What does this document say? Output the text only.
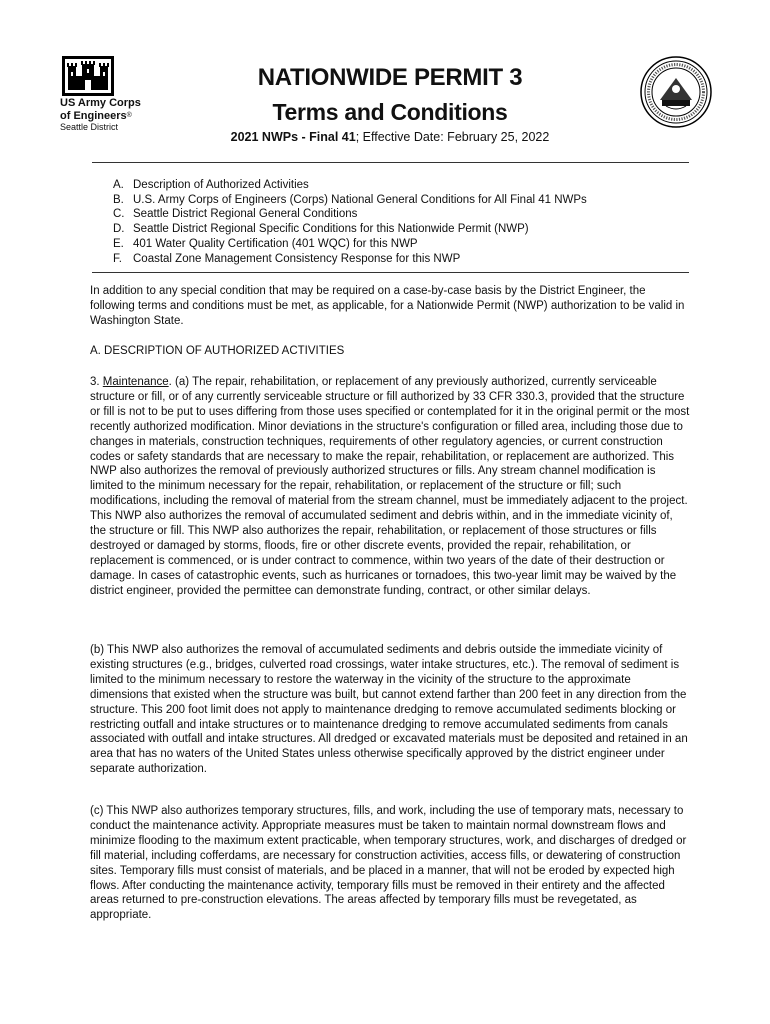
US Army Corps
of Engineers®
Seattle District
NATIONWIDE PERMIT 3
Terms and Conditions
2021 NWPs - Final 41; Effective Date: February 25, 2022
A. Description of Authorized Activities
B. U.S. Army Corps of Engineers (Corps) National General Conditions for All Final 41 NWPs
C. Seattle District Regional General Conditions
D. Seattle District Regional Specific Conditions for this Nationwide Permit (NWP)
E. 401 Water Quality Certification (401 WQC) for this NWP
F. Coastal Zone Management Consistency Response for this NWP

In addition to any special condition that may be required on a case-by-case basis by the District Engineer, the following terms and conditions must be met, as applicable, for a Nationwide Permit (NWP) authorization to be valid in Washington State.

A. DESCRIPTION OF AUTHORIZED ACTIVITIES

3. Maintenance. (a) The repair, rehabilitation, or replacement of any previously authorized, currently serviceable structure or fill, or of any currently serviceable structure or fill authorized by 33 CFR 330.3, provided that the structure or fill is not to be put to uses differing from those uses specified or contemplated for it in the original permit or the most recently authorized modification. Minor deviations in the structure's configuration or filled area, including those due to changes in materials, construction techniques, requirements of other regulatory agencies, or current construction codes or safety standards that are necessary to make the repair, rehabilitation, or replacement are authorized. This NWP also authorizes the removal of previously authorized structures or fills. Any stream channel modification is limited to the minimum necessary for the repair, rehabilitation, or replacement of the structure or fill; such modifications, including the removal of material from the stream channel, must be immediately adjacent to the project. This NWP also authorizes the removal of accumulated sediment and debris within, and in the immediate vicinity of, the structure or fill. This NWP also authorizes the repair, rehabilitation, or replacement of those structures or fills destroyed or damaged by storms, floods, fire or other discrete events, provided the repair, rehabilitation, or replacement is commenced, or is under contract to commence, within two years of the date of their destruction or damage. In cases of catastrophic events, such as hurricanes or tornadoes, this two-year limit may be waived by the district engineer, provided the permittee can demonstrate funding, contract, or other similar delays.

(b) This NWP also authorizes the removal of accumulated sediments and debris outside the immediate vicinity of existing structures (e.g., bridges, culverted road crossings, water intake structures, etc.). The removal of sediment is limited to the minimum necessary to restore the waterway in the vicinity of the structure to the approximate dimensions that existed when the structure was built, but cannot extend farther than 200 feet in any direction from the structure. This 200 foot limit does not apply to maintenance dredging to remove accumulated sediments blocking or restricting outfall and intake structures or to maintenance dredging to remove accumulated sediments from canals associated with outfall and intake structures. All dredged or excavated materials must be deposited and retained in an area that has no waters of the United States unless otherwise specifically approved by the district engineer under separate authorization.

(c) This NWP also authorizes temporary structures, fills, and work, including the use of temporary mats, necessary to conduct the maintenance activity. Appropriate measures must be taken to maintain normal downstream flows and minimize flooding to the maximum extent practicable, when temporary structures, work, and discharges of dredged or fill material, including cofferdams, are necessary for construction activities, access fills, or dewatering of construction sites. Temporary fills must consist of materials, and be placed in a manner, that will not be eroded by expected high flows. After conducting the maintenance activity, temporary fills must be removed in their entirety and the affected areas returned to pre-construction elevations. The areas affected by temporary fills must be revegetated, as appropriate.
